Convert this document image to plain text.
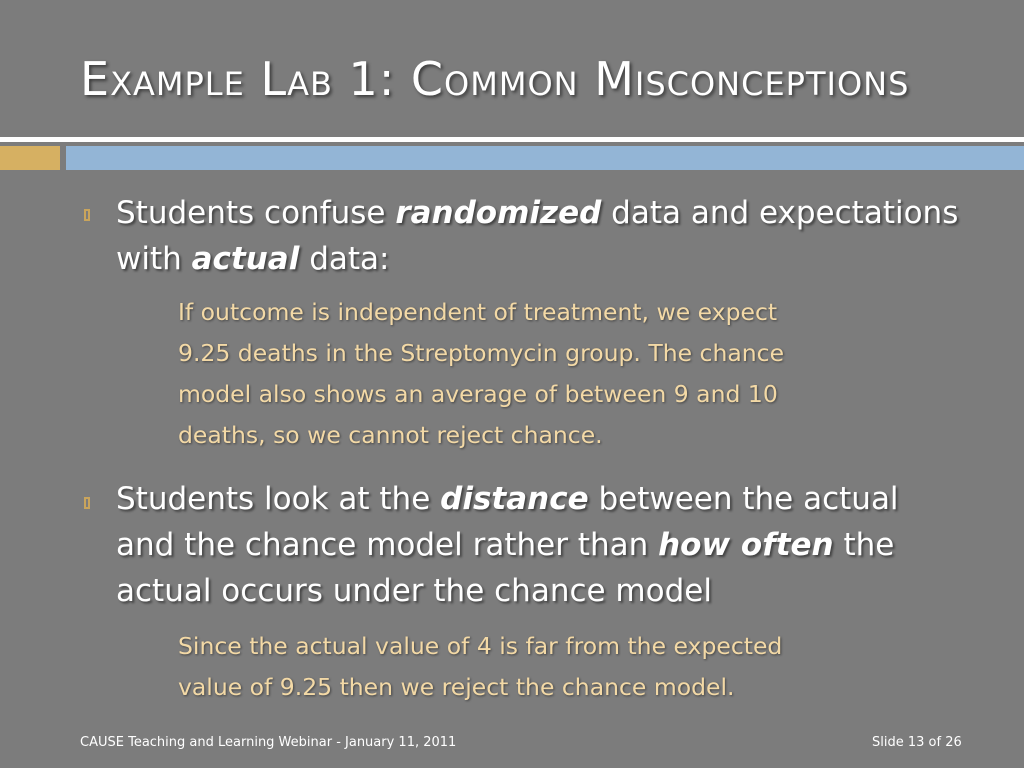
Example Lab 1: Common Misconceptions
Students confuse randomized data and expectations
with actual data:
If outcome is independent of treatment, we expect
9.25 deaths in the Streptomycin group. The chance
model also shows an average of between 9 and 10
deaths, so we cannot reject chance.
Students look at the distance between the actual
and the chance model rather than how often the
actual occurs under the chance model
Since the actual value of 4 is far from the expected
value of 9.25 then we reject the chance model.
CAUSE Teaching and Learning Webinar - January 11, 2011	Slide 13 of 26
